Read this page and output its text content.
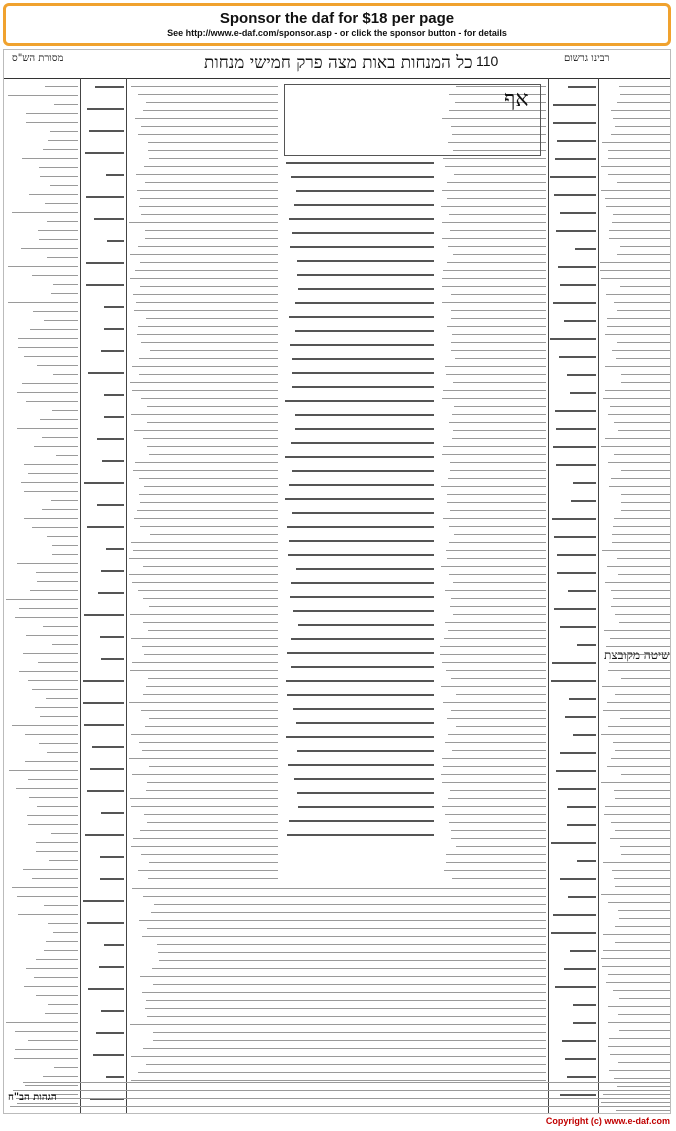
Sponsor the daf for $18 per page
See http://www.e-daf.com/sponsor.asp - or click the sponsor button - for details
מסורת הש"ס	כל המנחות באות מצה פרק חמישי מנחות 110	רבינו גרשום
אף
שיטה מקובצת
הגהות הב"ח
Copyright (c) www.e-daf.com
